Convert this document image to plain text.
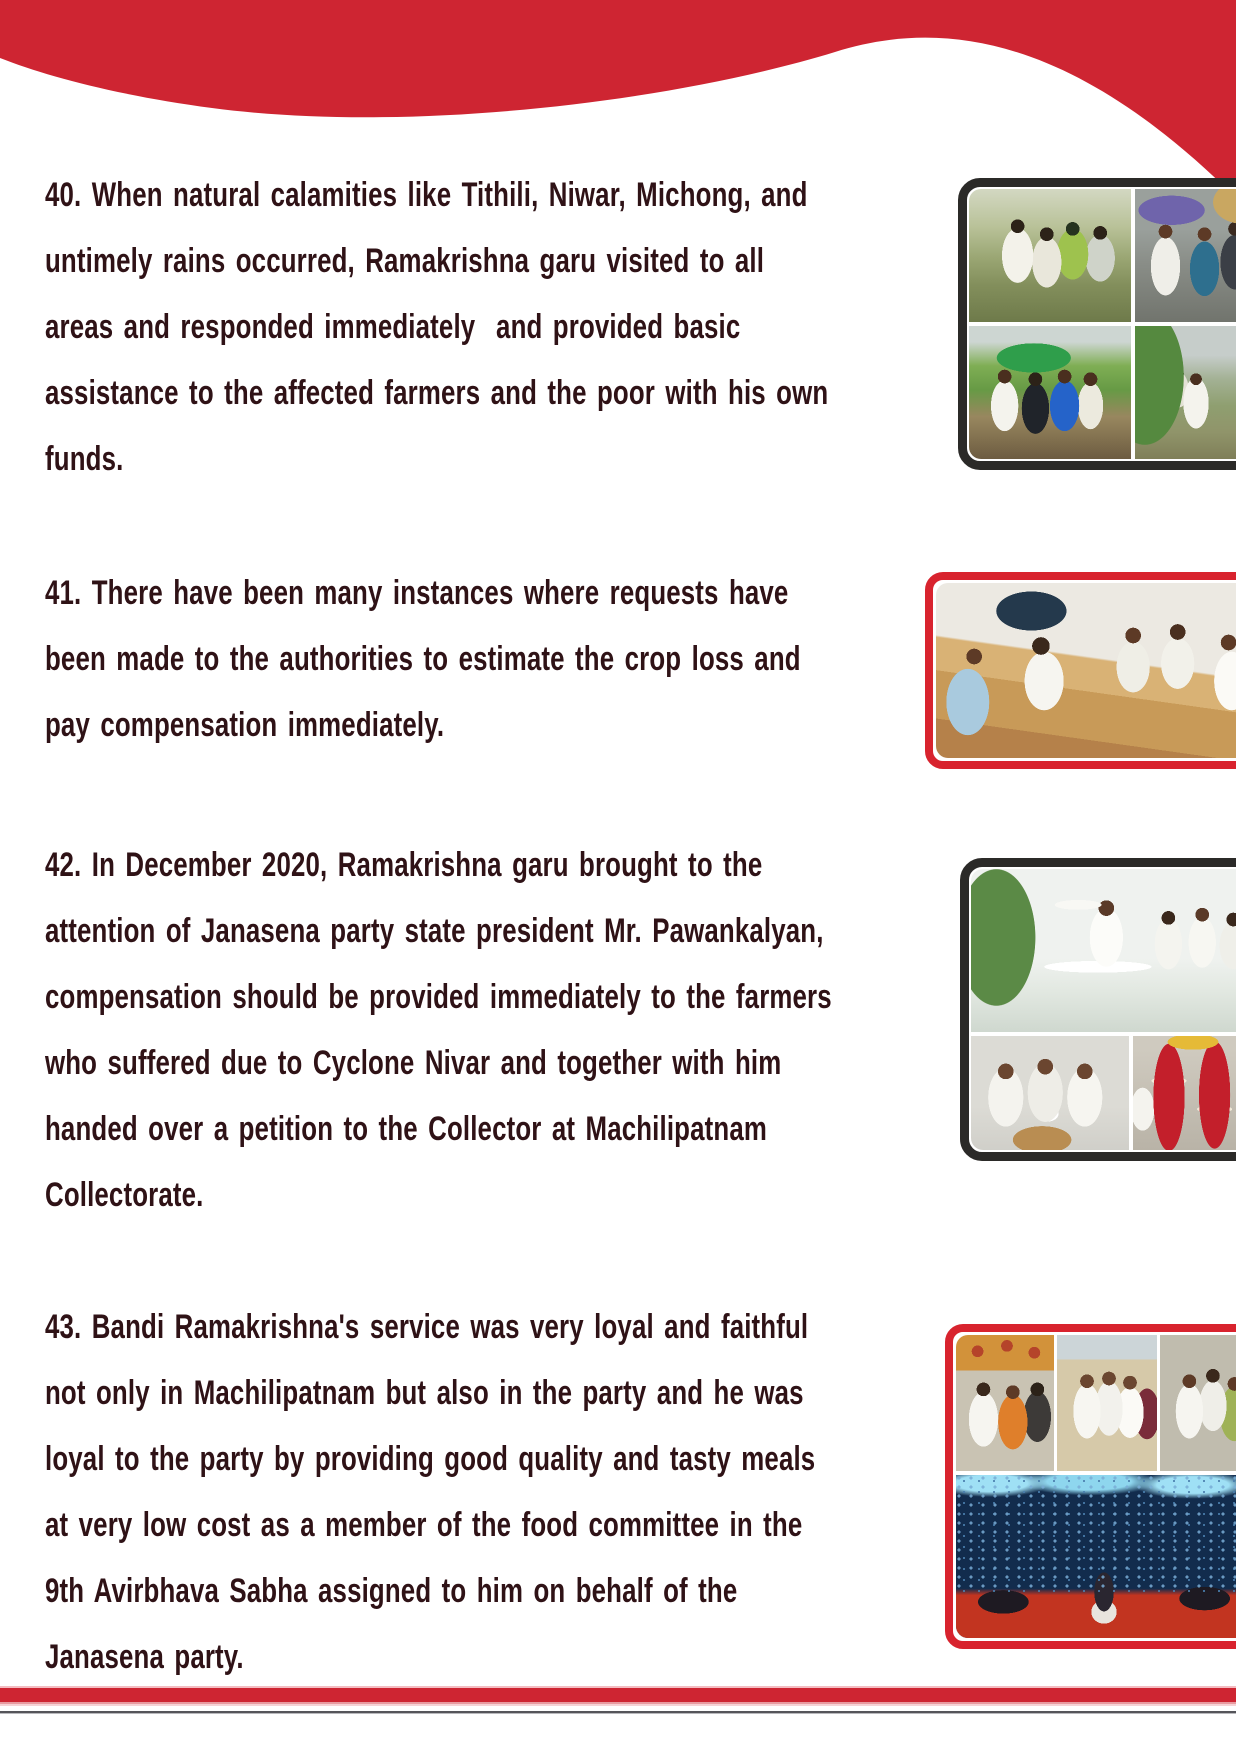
40. When natural calamities like Tithili, Niwar, Michong, and
untimely rains occurred, Ramakrishna garu visited to all
areas and responded immediately  and provided basic
assistance to the affected farmers and the poor with his own
funds.
41. There have been many instances where requests have
been made to the authorities to estimate the crop loss and
pay compensation immediately.
42. In December 2020, Ramakrishna garu brought to the
attention of Janasena party state president Mr. Pawankalyan,
compensation should be provided immediately to the farmers
who suffered due to Cyclone Nivar and together with him
handed over a petition to the Collector at Machilipatnam
Collectorate.
43. Bandi Ramakrishna's service was very loyal and faithful
not only in Machilipatnam but also in the party and he was
loyal to the party by providing good quality and tasty meals
at very low cost as a member of the food committee in the
9th Avirbhava Sabha assigned to him on behalf of the
Janasena party.
